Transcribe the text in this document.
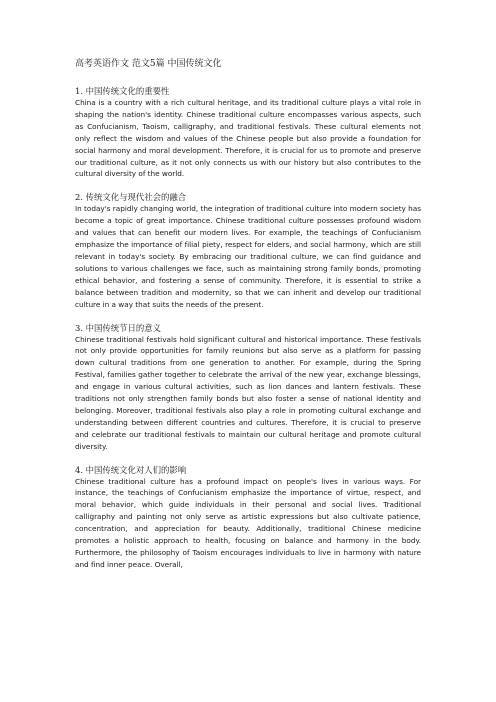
高考英语作文 范文5篇 中国传统文化
1. 中国传统文化的重要性
China is a country with a rich cultural heritage, and its traditional culture plays a vital role in shaping the nation's identity. Chinese traditional culture encompasses various aspects, such as Confucianism, Taoism, calligraphy, and traditional festivals. These cultural elements not only reflect the wisdom and values of the Chinese people but also provide a foundation for social harmony and moral development. Therefore, it is crucial for us to promote and preserve our traditional culture, as it not only connects us with our history but also contributes to the cultural diversity of the world.
2. 传统文化与现代社会的融合
In today's rapidly changing world, the integration of traditional culture into modern society has become a topic of great importance. Chinese traditional culture possesses profound wisdom and values that can benefit our modern lives. For example, the teachings of Confucianism emphasize the importance of filial piety, respect for elders, and social harmony, which are still relevant in today's society. By embracing our traditional culture, we can find guidance and solutions to various challenges we face, such as maintaining strong family bonds, promoting ethical behavior, and fostering a sense of community. Therefore, it is essential to strike a balance between tradition and modernity, so that we can inherit and develop our traditional culture in a way that suits the needs of the present.
3. 中国传统节日的意义
Chinese traditional festivals hold significant cultural and historical importance. These festivals not only provide opportunities for family reunions but also serve as a platform for passing down cultural traditions from one generation to another. For example, during the Spring Festival, families gather together to celebrate the arrival of the new year, exchange blessings, and engage in various cultural activities, such as lion dances and lantern festivals. These traditions not only strengthen family bonds but also foster a sense of national identity and belonging. Moreover, traditional festivals also play a role in promoting cultural exchange and understanding between different countries and cultures. Therefore, it is crucial to preserve and celebrate our traditional festivals to maintain our cultural heritage and promote cultural diversity.
4. 中国传统文化对人们的影响
Chinese traditional culture has a profound impact on people's lives in various ways. For instance, the teachings of Confucianism emphasize the importance of virtue, respect, and moral behavior, which guide individuals in their personal and social lives. Traditional calligraphy and painting not only serve as artistic expressions but also cultivate patience, concentration, and appreciation for beauty. Additionally, traditional Chinese medicine promotes a holistic approach to health, focusing on balance and harmony in the body. Furthermore, the philosophy of Taoism encourages individuals to live in harmony with nature and find inner peace. Overall,
